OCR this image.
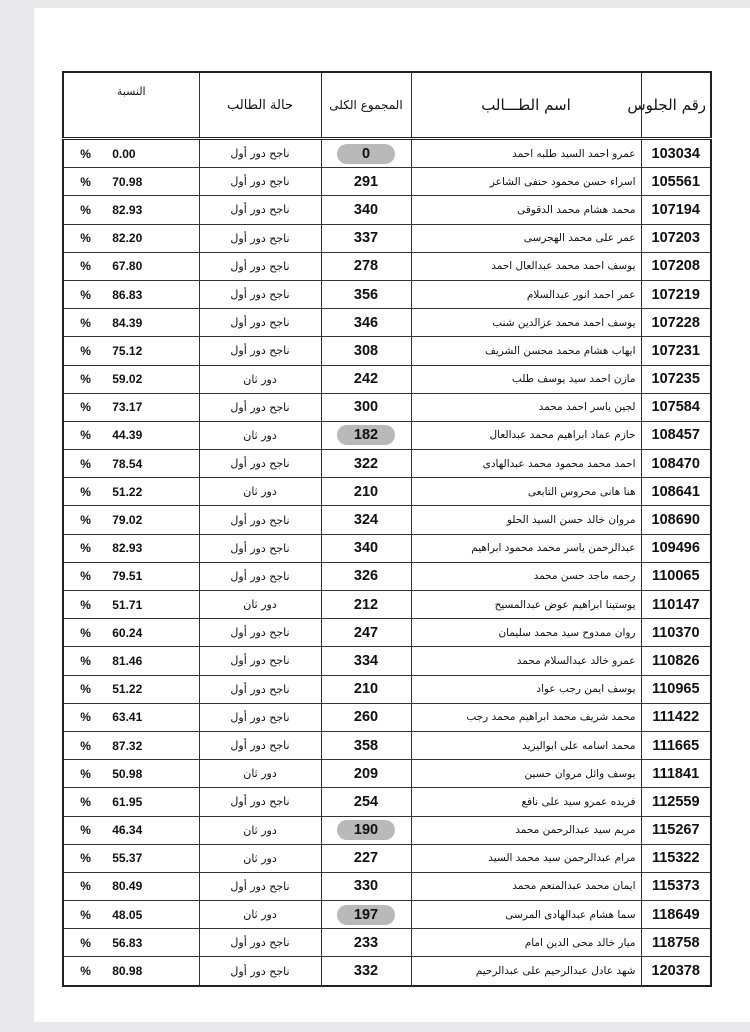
رقم الجلوس	اسم الطـــالب	المجموع الكلى	حالة الطالب	النسبة
103034	عمرو احمد السيد طلبه احمد	0	ناجح دور أول	% 0.00
105561	اسراء حسن محمود حنفى الشاعر	291	ناجح دور أول	% 70.98
107194	محمد هشام محمد الدقوقى	340	ناجح دور أول	% 82.93
107203	عمر على محمد الهجرسى	337	ناجح دور أول	% 82.20
107208	يوسف احمد محمد عبدالعال احمد	278	ناجح دور أول	% 67.80
107219	عمر احمد انور عبدالسلام	356	ناجح دور أول	% 86.83
107228	يوسف احمد محمد عزالدين شنب	346	ناجح دور أول	% 84.39
107231	ايهاب هشام محمد محسن الشريف	308	ناجح دور أول	% 75.12
107235	مازن احمد سيد يوسف طلب	242	دور ثان	% 59.02
107584	لجين ياسر احمد محمد	300	ناجح دور أول	% 73.17
108457	حازم عماد ابراهيم محمد عبدالعال	182	دور ثان	% 44.39
108470	احمد محمد محمود محمد عبدالهادى	322	ناجح دور أول	% 78.54
108641	هنا هانى محروس التابعى	210	دور ثان	% 51.22
108690	مروان خالد حسن السيد الحلو	324	ناجح دور أول	% 79.02
109496	عبدالرحمن ياسر محمد محمود ابراهيم	340	ناجح دور أول	% 82.93
110065	رحمه ماجد حسن محمد	326	ناجح دور أول	% 79.51
110147	يوستينا ابراهيم عوض عبدالمسيح	212	دور ثان	% 51.71
110370	روان ممدوح سيد محمد سليمان	247	ناجح دور أول	% 60.24
110826	عمرو خالد عبدالسلام محمد	334	ناجح دور أول	% 81.46
110965	يوسف ايمن رجب عواد	210	ناجح دور أول	% 51.22
111422	محمد شريف محمد ابراهيم محمد رجب	260	ناجح دور أول	% 63.41
111665	محمد اسامه على ابواليزيد	358	ناجح دور أول	% 87.32
111841	يوسف وائل مروان حسين	209	دور ثان	% 50.98
112559	فريده عمرو سيد على نافع	254	ناجح دور أول	% 61.95
115267	مريم سيد عبدالرحمن محمد	190	دور ثان	% 46.34
115322	مرام عبدالرحمن سيد محمد السيد	227	دور ثان	% 55.37
115373	ايمان محمد عبدالمنعم محمد	330	ناجح دور أول	% 80.49
118649	سما هشام عبدالهادى المرسى	197	دور ثان	% 48.05
118758	ميار خالد محى الدين امام	233	ناجح دور أول	% 56.83
120378	شهد عادل عبدالرحيم على عبدالرحيم	332	ناجح دور أول	% 80.98
